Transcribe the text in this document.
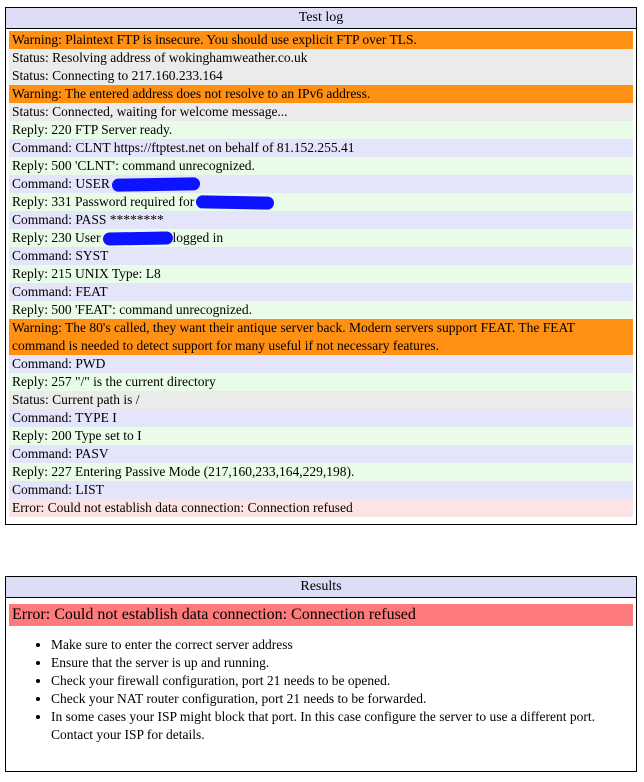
Test log
Warning: Plaintext FTP is insecure. You should use explicit FTP over TLS.
Status: Resolving address of wokinghamweather.co.uk
Status: Connecting to 217.160.233.164
Warning: The entered address does not resolve to an IPv6 address.
Status: Connected, waiting for welcome message...
Reply: 220 FTP Server ready.
Command: CLNT https://ftptest.net on behalf of 81.152.255.41
Reply: 500 'CLNT': command unrecognized.
Command: USER
Reply: 331 Password required for
Command: PASS ********
Reply: 230 User	logged in
Command: SYST
Reply: 215 UNIX Type: L8
Command: FEAT
Reply: 500 'FEAT': command unrecognized.
Warning: The 80's called, they want their antique server back. Modern servers support FEAT. The FEAT command is needed to detect support for many useful if not necessary features.
Command: PWD
Reply: 257 "/" is the current directory
Status: Current path is /
Command: TYPE I
Reply: 200 Type set to I
Command: PASV
Reply: 227 Entering Passive Mode (217,160,233,164,229,198).
Command: LIST
Error: Could not establish data connection: Connection refused
Results
Error: Could not establish data connection: Connection refused
• Make sure to enter the correct server address
• Ensure that the server is up and running.
• Check your firewall configuration, port 21 needs to be opened.
• Check your NAT router configuration, port 21 needs to be forwarded.
• In some cases your ISP might block that port. In this case configure the server to use a different port. Contact your ISP for details.
